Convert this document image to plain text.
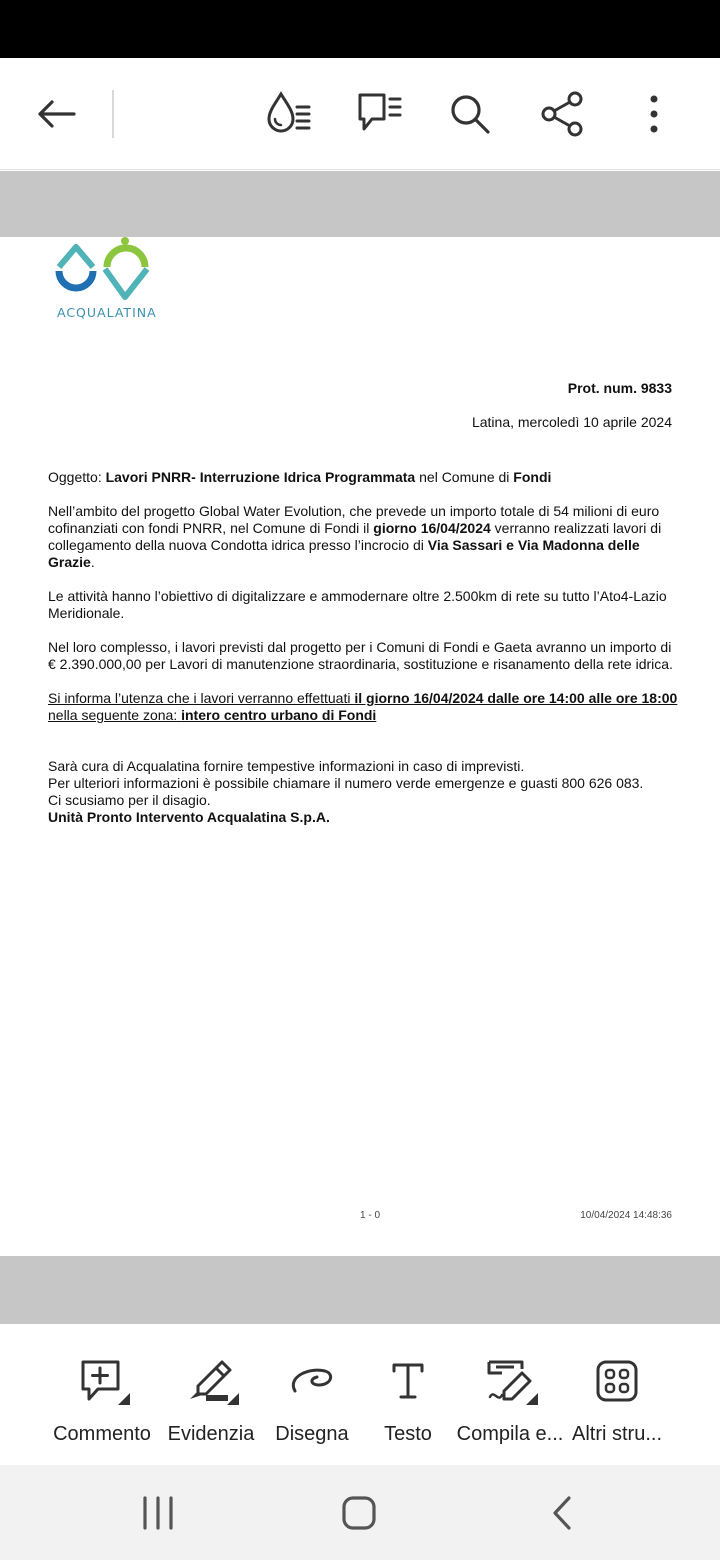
ACQUALATINA
Prot. num. 9833
Latina, mercoledì 10 aprile 2024

Oggetto: Lavori PNRR- Interruzione Idrica Programmata nel Comune di Fondi

Nell’ambito del progetto Global Water Evolution, che prevede un importo totale di 54 milioni di euro cofinanziati con fondi PNRR, nel Comune di Fondi il giorno 16/04/2024 verranno realizzati lavori di collegamento della nuova Condotta idrica presso l’incrocio di Via Sassari e Via Madonna delle Grazie.

Le attività hanno l’obiettivo di digitalizzare e ammodernare oltre 2.500km di rete su tutto l’Ato4-Lazio Meridionale.

Nel loro complesso, i lavori previsti dal progetto per i Comuni di Fondi e Gaeta avranno un importo di € 2.390.000,00 per Lavori di manutenzione straordinaria, sostituzione e risanamento della rete idrica.

Si informa l’utenza che i lavori verranno effettuati il giorno 16/04/2024 dalle ore 14:00 alle ore 18:00 nella seguente zona: intero centro urbano di Fondi

Sarà cura di Acqualatina fornire tempestive informazioni in caso di imprevisti.

Per ulteriori informazioni è possibile chiamare il numero verde emergenze e guasti 800 626 083.

Ci scusiamo per il disagio.

Unità Pronto Intervento Acqualatina S.p.A.

1 - 0	10/04/2024 14:48:36
Commento Evidenzia Disegna Testo Compila e... Altri stru...
